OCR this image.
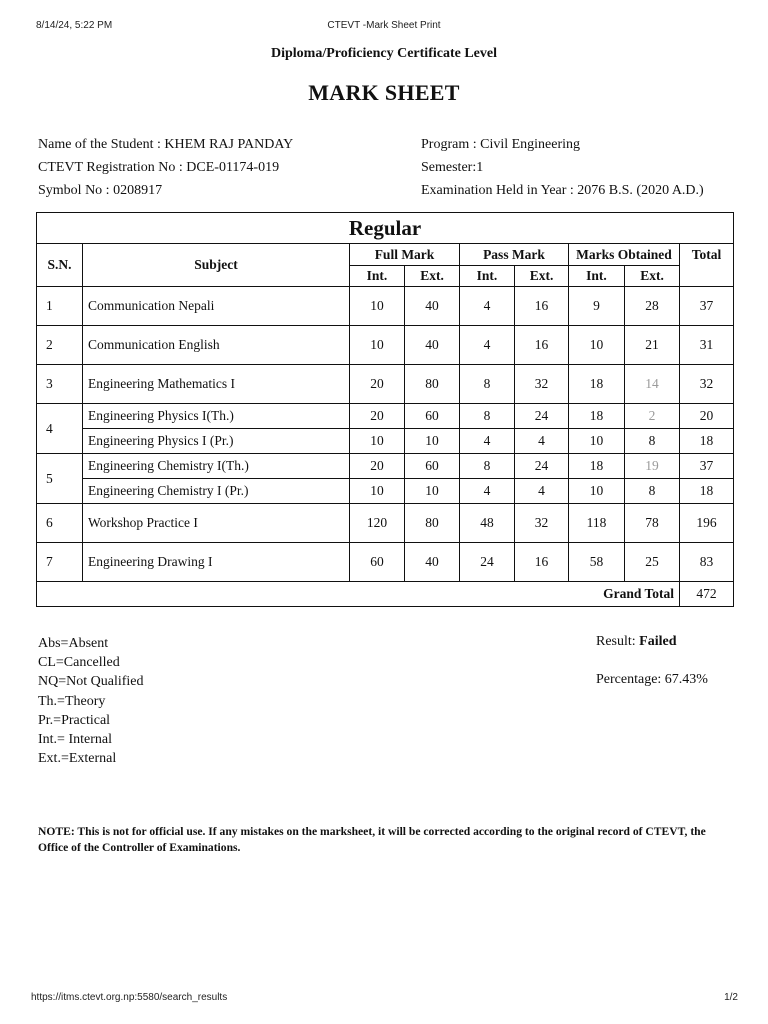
CTEVT -Mark Sheet Print
8/14/24, 5:22 PM
Diploma/Proficiency Certificate Level
MARK SHEET
Name of the Student : KHEM RAJ PANDAY
CTEVT Registration No : DCE-01174-019
Symbol No : 0208917
Program : Civil Engineering
Semester:1
Examination Held in Year : 2076 B.S. (2020 A.D.)
Regular								
S.N.	Subject	Full Mark		Pass Mark		Marks Obtained		Total
		Int.	Ext.	Int.	Ext.	Int.	Ext.	
1	Communication Nepali	10	40	4	16	9	28	37
2	Communication English	10	40	4	16	10	21	31
3	Engineering Mathematics I	20	80	8	32	18	14	32
4	Engineering Physics I(Th.)	20	60	8	24	18	2	20
	Engineering Physics I (Pr.)	10	10	4	4	10	8	18
5	Engineering Chemistry I(Th.)	20	60	8	24	18	19	37
	Engineering Chemistry I (Pr.)	10	10	4	4	10	8	18
6	Workshop Practice I	120	80	48	32	118	78	196
7	Engineering Drawing I	60	40	24	16	58	25	83
Grand Total								472
Abs=Absent
CL=Cancelled
NQ=Not Qualified
Th.=Theory
Pr.=Practical
Int.= Internal
Ext.=External
Result: Failed
Percentage: 67.43%
NOTE: This is not for official use. If any mistakes on the marksheet, it will be corrected according to the original record of CTEVT, the Office of the Controller of Examinations.
https://itms.ctevt.org.np:5580/search_results	1/2
